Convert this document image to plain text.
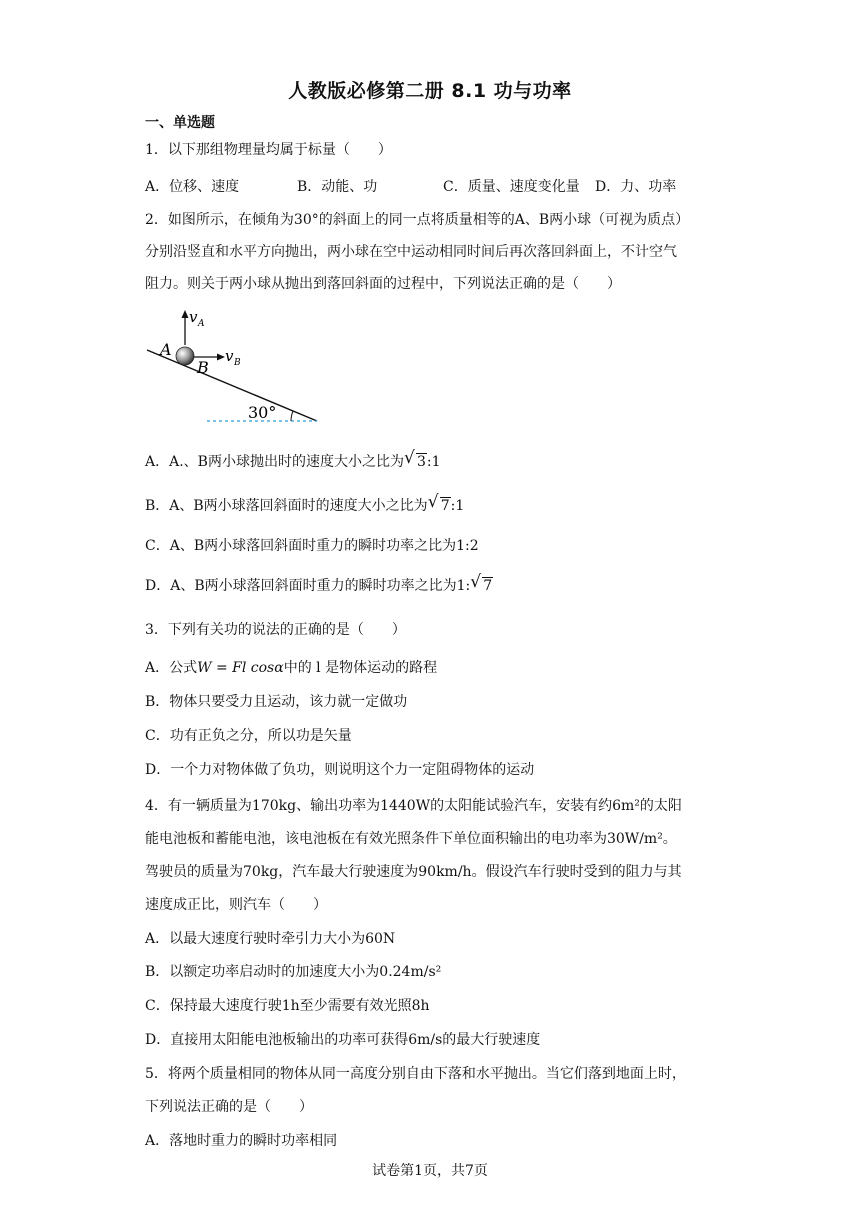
人教版必修第二册 8.1 功与功率
一、单选题
1．以下那组物理量均属于标量（　　）
A．位移、速度	B．动能、功	C．质量、速度变化量 D．力、功率
2．如图所示，在倾角为30°的斜面上的同一点将质量相等的A、B两小球（可视为质点）
分别沿竖直和水平方向抛出，两小球在空中运动相同时间后再次落回斜面上，不计空气
阻力。则关于两小球从抛出到落回斜面的过程中，下列说法正确的是（　　）
A
B
v A
v B
30°
A．A.、B两小球抛出时的速度大小之比为 √ 3:1
B．A、B两小球落回斜面时的速度大小之比为 √ 7:1
C．A、B两小球落回斜面时重力的瞬时功率之比为1:2
D．A、B两小球落回斜面时重力的瞬时功率之比为1: √ 7
3．下列有关功的说法的正确的是（　　）
A．公式W = Fl cosα中的 l 是物体运动的路程
B．物体只要受力且运动，该力就一定做功
C．功有正负之分，所以功是矢量
D．一个力对物体做了负功，则说明这个力一定阻碍物体的运动
4．有一辆质量为170kg、输出功率为1440W的太阳能试验汽车，安装有约6m²的太阳
能电池板和蓄能电池，该电池板在有效光照条件下单位面积输出的电功率为30W/m²。
驾驶员的质量为70kg，汽车最大行驶速度为90km/h。假设汽车行驶时受到的阻力与其
速度成正比，则汽车（　　）
A．以最大速度行驶时牵引力大小为60N
B．以额定功率启动时的加速度大小为0.24m/s²
C．保持最大速度行驶1h至少需要有效光照8h
D．直接用太阳能电池板输出的功率可获得6m/s的最大行驶速度
5．将两个质量相同的物体从同一高度分别自由下落和水平抛出。当它们落到地面上时，
下列说法正确的是（　　）
A．落地时重力的瞬时功率相同
试卷第1页，共7页
